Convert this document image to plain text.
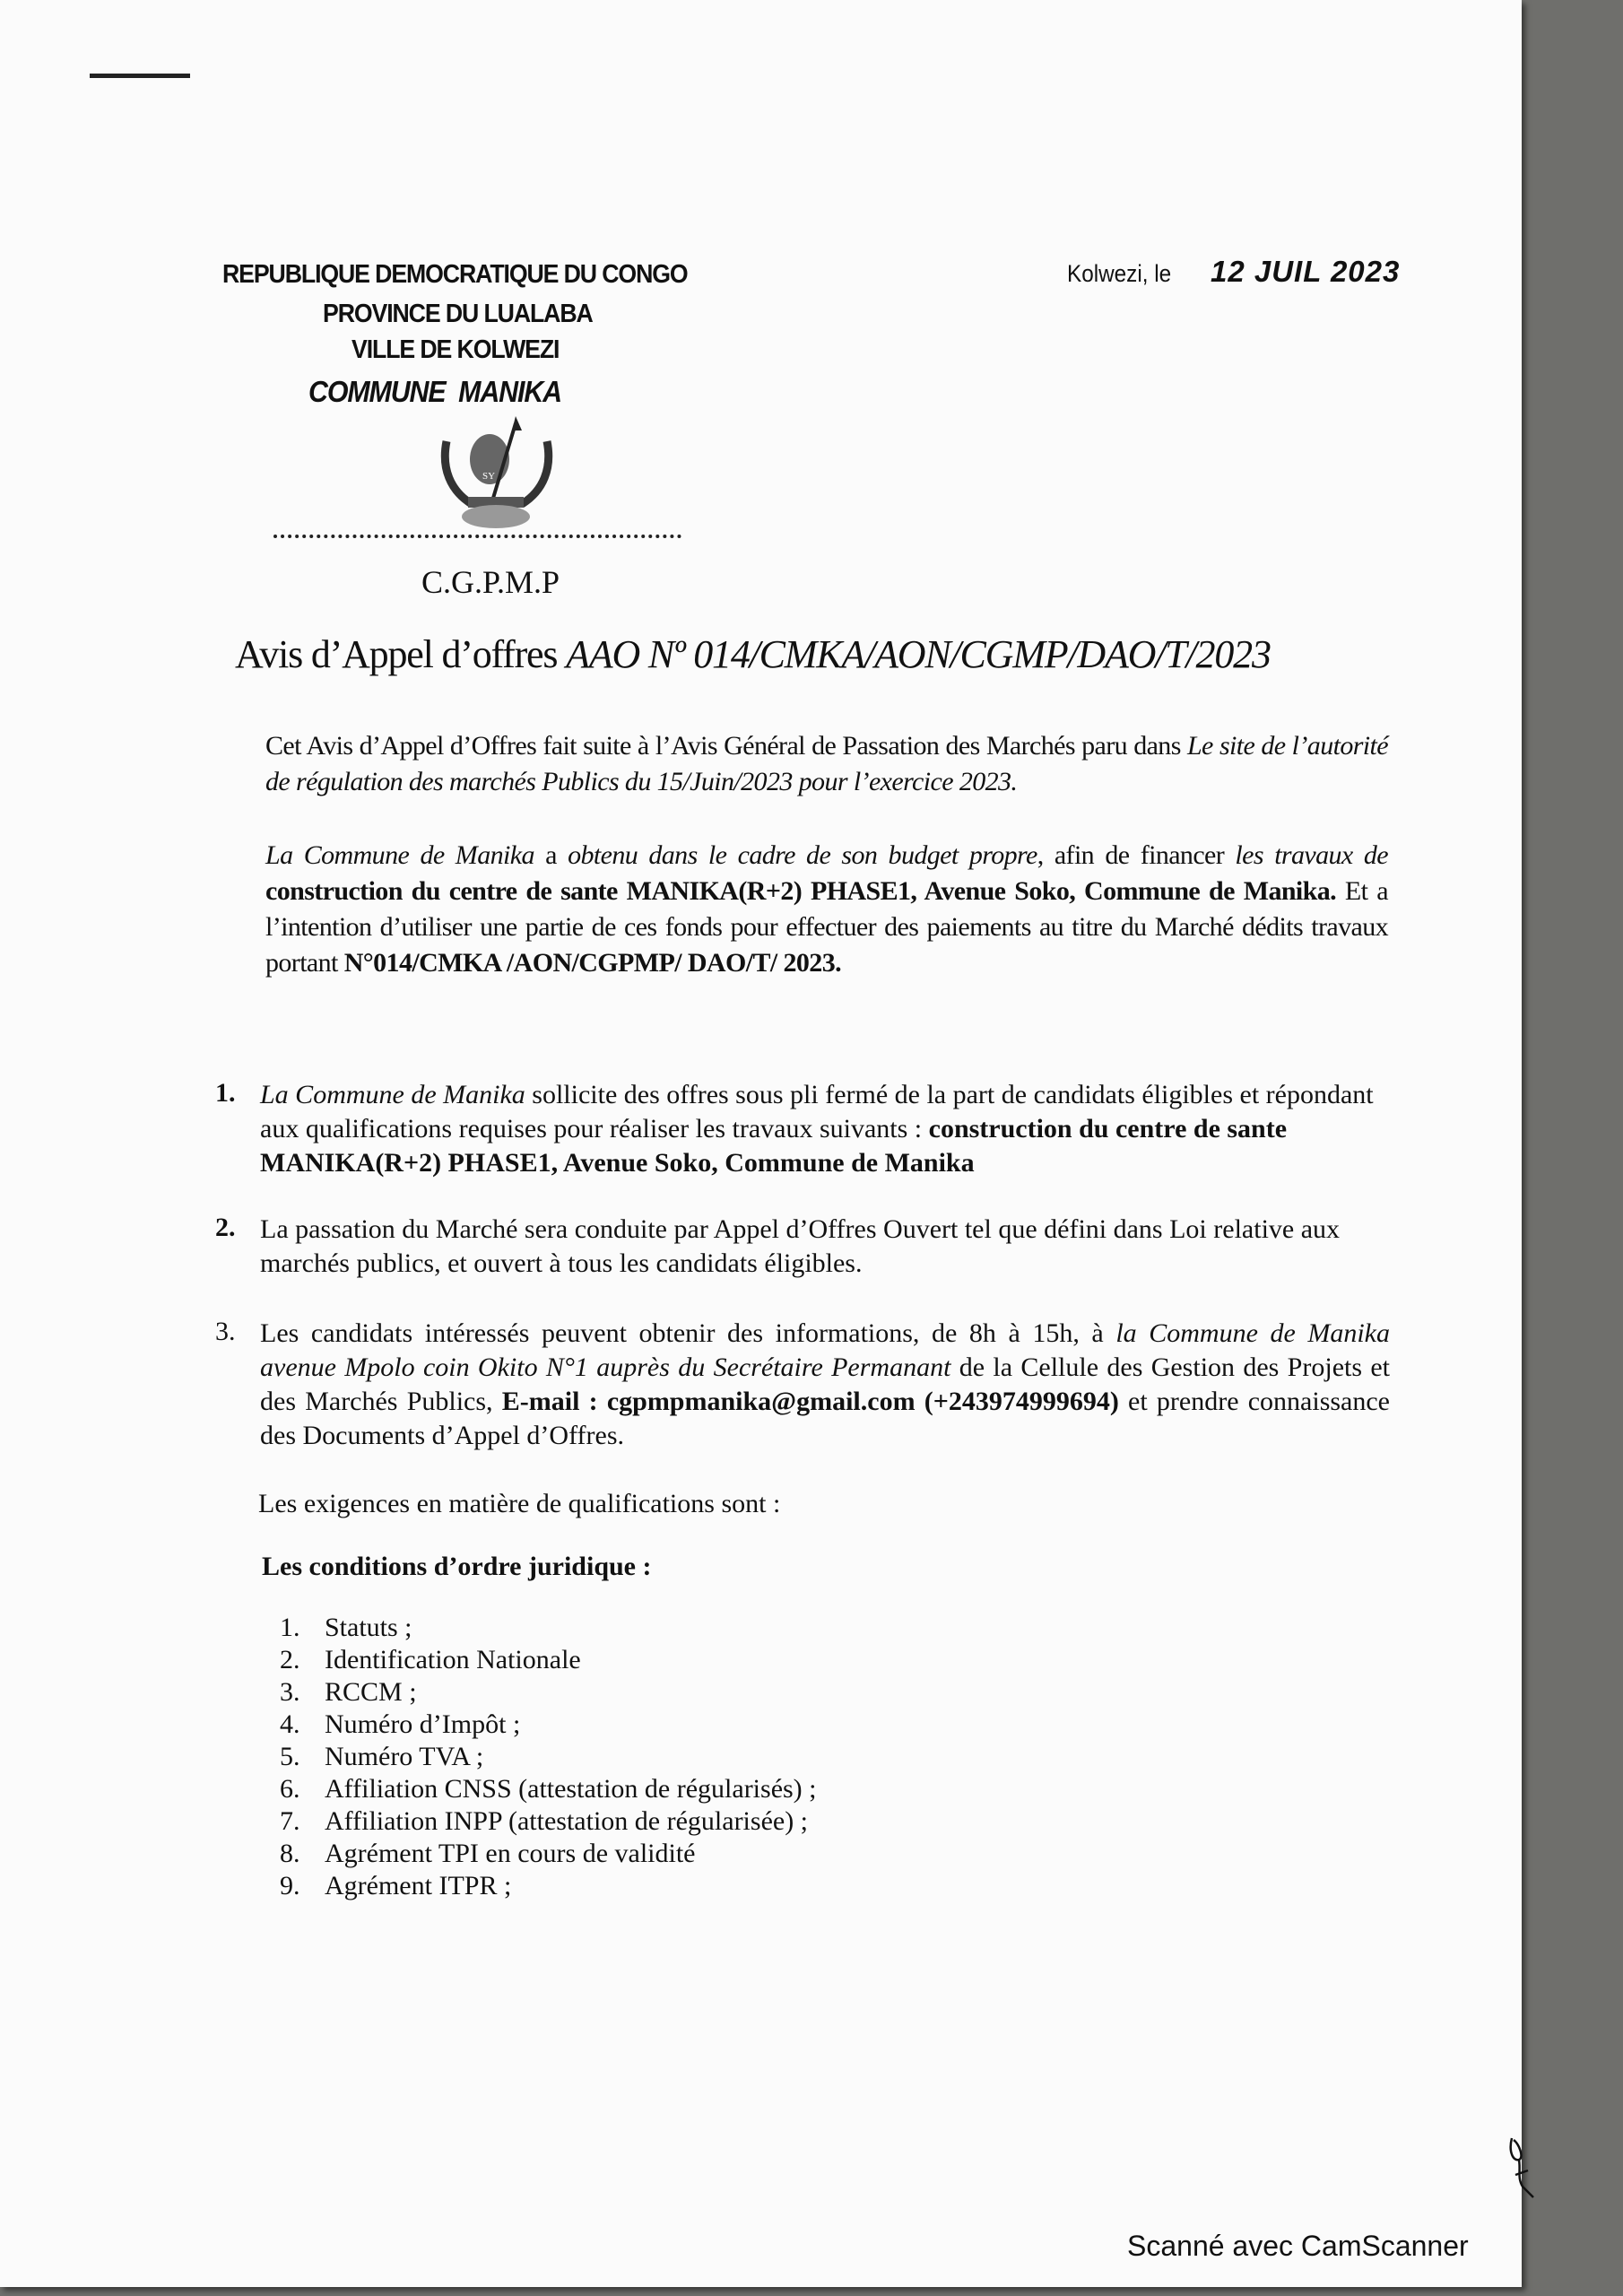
REPUBLIQUE DEMOCRATIQUE DU CONGO
PROVINCE DU LUALABA
VILLE DE KOLWEZI
COMMUNE  MANIKA
Kolwezi, le 12 JUIL 2023
SY
C.G.P.M.P
Avis d’Appel d’offres AAO Nº 014/CMKA/AON/CGMP/DAO/T/2023
Cet Avis d’Appel d’Offres fait suite à l’Avis Général de Passation des Marchés paru dans Le site de l’autorité de régulation des marchés Publics du 15/Juin/2023 pour l’exercice 2023.
La Commune de Manika a obtenu dans le cadre de son budget propre, afin de financer les travaux de construction du centre de sante MANIKA(R+2) PHASE1, Avenue Soko, Commune de Manika. Et a l’intention d’utiliser une partie de ces fonds pour effectuer des paiements au titre du Marché dédits travaux portant N°014/CMKA /AON/CGPMP/ DAO/T/ 2023.
1. La Commune de Manika sollicite des offres sous pli fermé de la part de candidats éligibles et répondant aux qualifications requises pour réaliser les travaux suivants : construction du centre de sante MANIKA(R+2) PHASE1, Avenue Soko, Commune de Manika
2. La passation du Marché sera conduite par Appel d’Offres Ouvert tel que défini dans Loi relative aux marchés publics, et ouvert à tous les candidats éligibles.
3. Les candidats intéressés peuvent obtenir des informations, de 8h à 15h, à la Commune de Manika avenue Mpolo coin Okito N°1 auprès du Secrétaire Permanant de la Cellule des Gestion des Projets et des Marchés Publics, E-mail : cgpmpmanika@gmail.com (+243974999694) et prendre connaissance des Documents d’Appel d’Offres.
Les exigences en matière de qualifications sont :
Les conditions d’ordre juridique :
1. Statuts ;
2. Identification Nationale
3. RCCM ;
4. Numéro d’Impôt ;
5. Numéro TVA ;
6. Affiliation CNSS (attestation de régularisés) ;
7. Affiliation INPP (attestation de régularisée) ;
8. Agrément TPI en cours de validité
9. Agrément ITPR ;
Scanné avec CamScanner
